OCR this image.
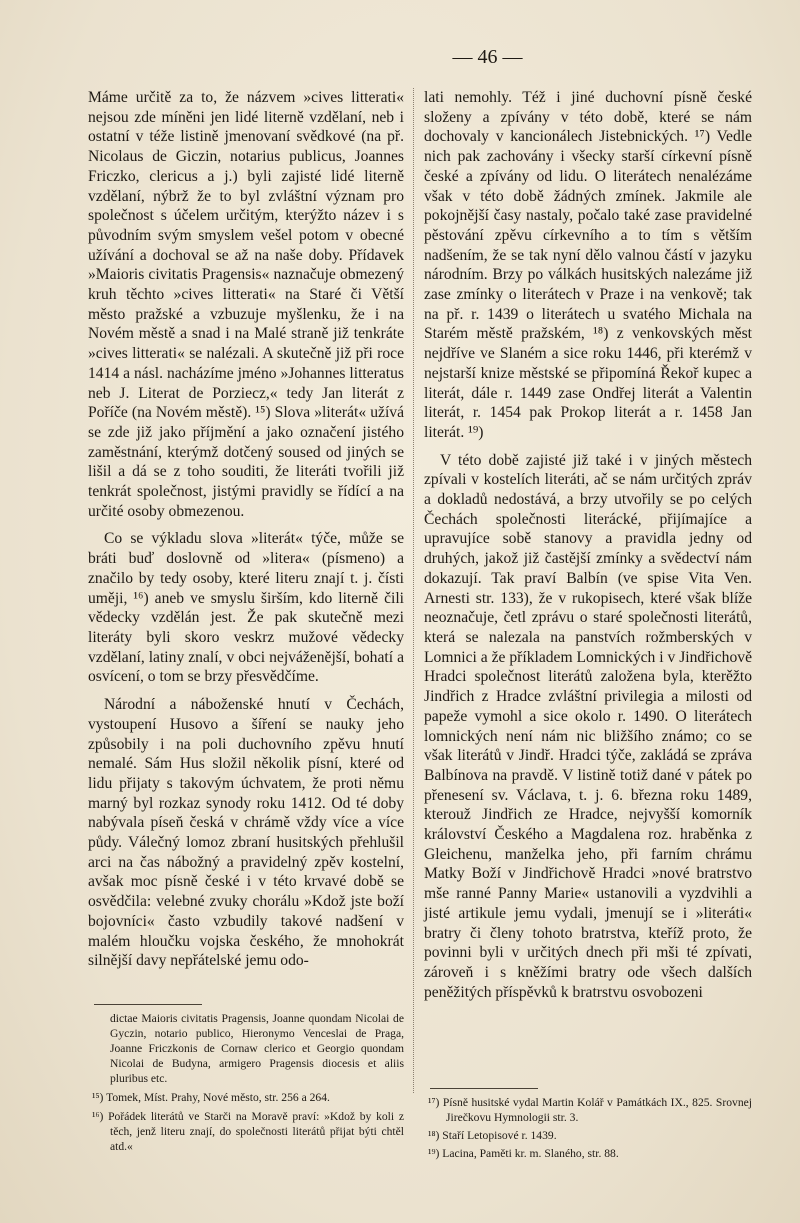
— 46 —

Máme určitě za to, že názvem »cives litterati« nejsou zde míněni jen lidé literně vzdělaní, neb i ostatní v téže listině jmenovaní svědkové (na př. Nicolaus de Giczin, notarius publicus, Joannes Friczko, clericus a j.) byli zajisté lidé literně vzdělaní, nýbrž že to byl zvláštní význam pro společnost s účelem určitým, kterýžto název i s původním svým smyslem vešel potom v obecné užívání a dochoval se až na naše doby. Přídavek »Maioris civitatis Pragensis« naznačuje obmezený kruh těchto »cives litterati« na Staré či Větší město pražské a vzbuzuje myšlenku, že i na Novém městě a snad i na Malé straně již tenkráte »cives litterati« se nalézali. A skutečně již při roce 1414 a násl. nacházíme jméno »Johannes litteratus neb J. Literat de Porziecz,« tedy Jan literát z Poříče (na Novém městě). ¹⁵) Slova »literát« užívá se zde již jako příjmění a jako označení jistého zaměstnání, kterýmž dotčený soused od jiných se lišil a dá se z toho souditi, že literáti tvořili již tenkrát společnost, jistými pravidly se řídící a na určité osoby obmezenou.

Co se výkladu slova »literát« týče, může se bráti buď doslovně od »litera« (písmeno) a značilo by tedy osoby, které literu znají t. j. čísti uměji, ¹⁶) aneb ve smyslu širším, kdo literně čili vědecky vzdělán jest. Že pak skutečně mezi literáty byli skoro veskrz mužové vědecky vzdělaní, latiny znalí, v obci nejváženější, bohatí a osvícení, o tom se brzy přesvědčíme.

Národní a náboženské hnutí v Čechách, vystoupení Husovo a šíření se nauky jeho způsobily i na poli duchovního zpěvu hnutí nemalé. Sám Hus složil několik písní, které od lidu přijaty s takovým úchvatem, že proti němu marný byl rozkaz synody roku 1412. Od té doby nabývala píseň česká v chrámě vždy více a více půdy. Válečný lomoz zbraní husitských přehlušil arci na čas nábožný a pravidelný zpěv kostelní, avšak moc písně české i v této krvavé době se osvědčila: velebné zvuky chorálu »Kdož jste boží bojovníci« často vzbudily takové nadšení v malém hloučku vojska českého, že mnohokrát silnější davy nepřátelské jemu odo-

lati nemohly. Též i jiné duchovní písně české složeny a zpívány v této době, které se nám dochovaly v kancionálech Jistebnických. ¹⁷) Vedle nich pak zachovány i všecky starší církevní písně české a zpívány od lidu. O literátech nenalézáme však v této době žádných zmínek. Jakmile ale pokojnější časy nastaly, počalo také zase pravidelné pěstování zpěvu církevního a to tím s větším nadšením, že se tak nyní dělo valnou částí v jazyku národním. Brzy po válkách husitských nalezáme již zase zmínky o literátech v Praze i na venkově; tak na př. r. 1439 o literátech u svatého Michala na Starém městě pražském, ¹⁸) z venkovských měst nejdříve ve Slaném a sice roku 1446, při kterémž v nejstarší knize městské se připomíná Řekoř kupec a literát, dále r. 1449 zase Ondřej literát a Valentin literát, r. 1454 pak Prokop literát a r. 1458 Jan literát. ¹⁹)

V této době zajisté již také i v jiných městech zpívali v kostelích literáti, ač se nám určitých zpráv a dokladů nedostává, a brzy utvořily se po celých Čechách společnosti literácké, přijímajíce a upravujíce sobě stanovy a pravidla jedny od druhých, jakož již častější zmínky a svědectví nám dokazují. Tak praví Balbín (ve spise Vita Ven. Arnesti str. 133), že v rukopisech, které však blíže neoznačuje, četl zprávu o staré společnosti literátů, která se nalezala na panstvích rožmberských v Lomnici a že příkladem Lomnických i v Jindřichově Hradci společnost literátů založena byla, kterěžto Jindřich z Hradce zvláštní privilegia a milosti od papeže vymohl a sice okolo r. 1490. O literátech lomnických není nám nic bližšího známo; co se však literátů v Jindř. Hradci týče, zakládá se zpráva Balbínova na pravdě. V listině totiž dané v pátek po přenesení sv. Václava, t. j. 6. března roku 1489, kterouž Jindřich ze Hradce, nejvyšší komorník království Českého a Magdalena roz. hraběnka z Gleichenu, manželka jeho, při farním chrámu Matky Boží v Jindřichově Hradci »nové bratrstvo mše ranné Panny Marie« ustanovili a vyzdvihli a jisté artikule jemu vydali, jmenují se i »literáti« bratry či členy tohoto bratrstva, kteříž proto, že povinni byli v určitých dnech při mši té zpívati, zároveň i s kněžími bratry ode všech dalších peněžitých příspěvků k bratrstvu osvobozeni

dictae Maioris civitatis Pragensis, Joanne quondam Nicolai de Gyczin, notario publico, Hieronymo Venceslai de Praga, Joanne Friczkonis de Cornaw clerico et Georgio quondam Nicolai de Budyna, armigero Pragensis diocesis et aliis pluribus etc.

¹⁵) Tomek, Míst. Prahy, Nové město, str. 256 a 264.

¹⁶) Pořádek literátů ve Starči na Moravě praví: »Kdož by koli z těch, jenž literu znají, do společnosti literátů přijat býti chtěl atd.«

¹⁷) Písně husitské vydal Martin Kolář v Památkách IX., 825. Srovnej Jirečkovu Hymnologii str. 3.

¹⁸) Staří Letopisové r. 1439.

¹⁹) Lacina, Paměti kr. m. Slaného, str. 88.
